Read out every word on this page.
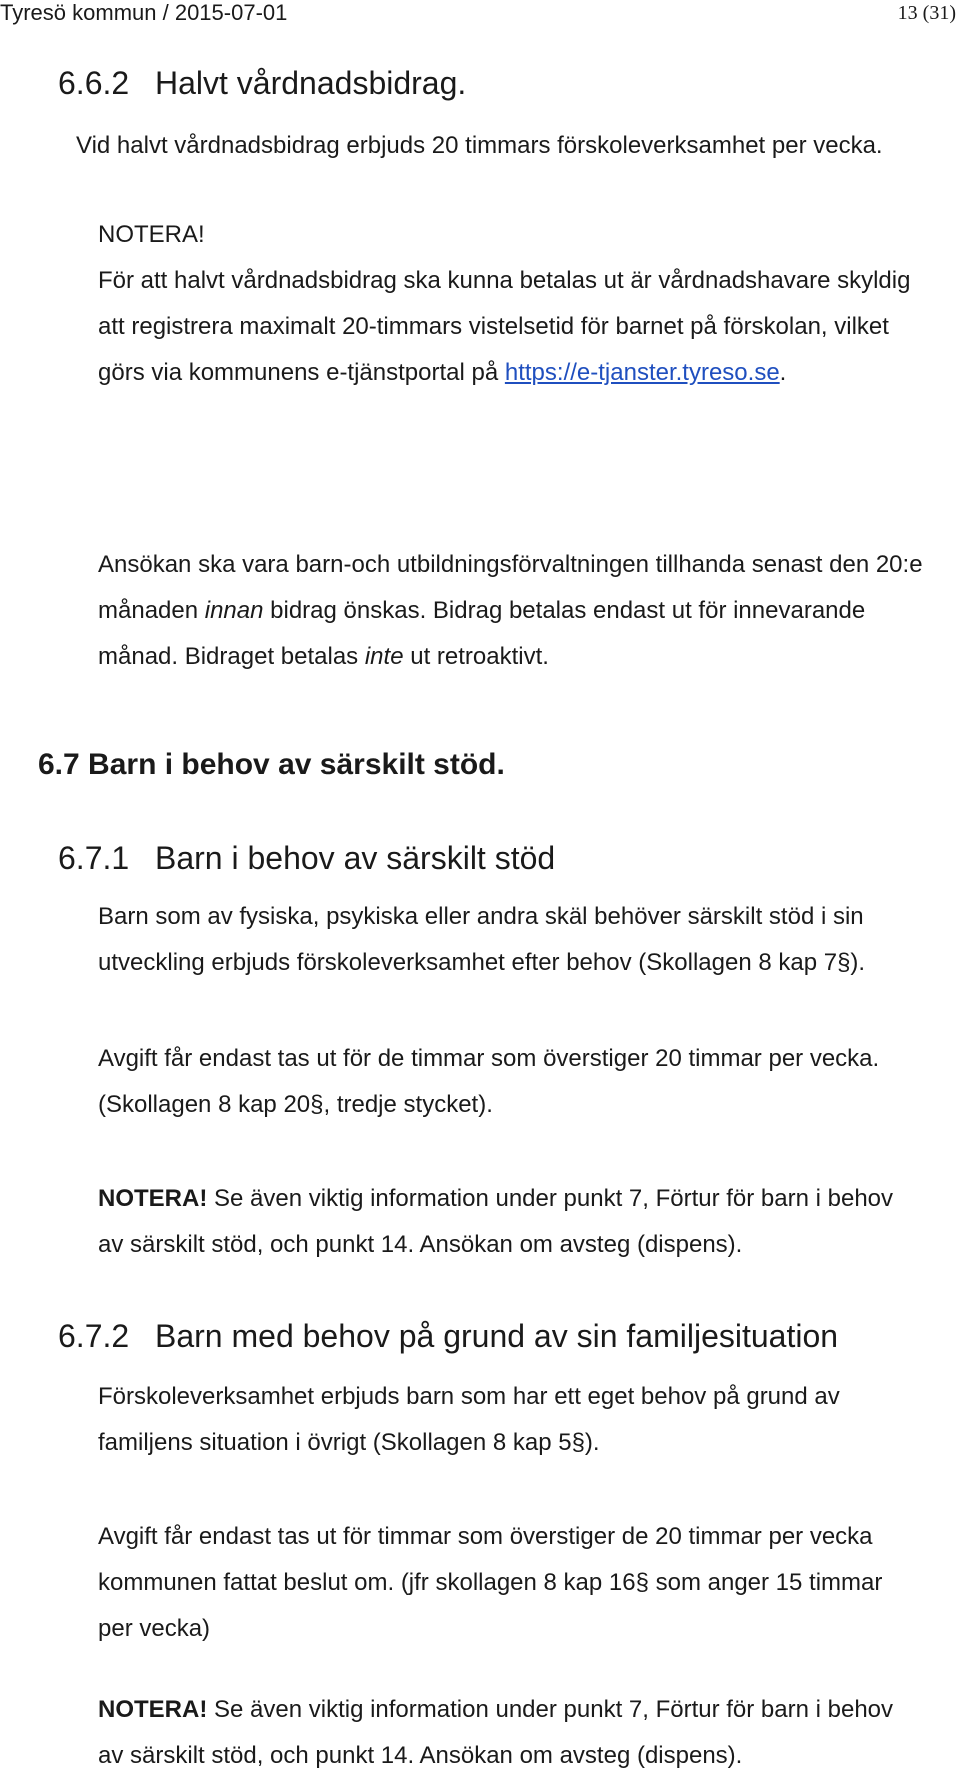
Tyresö kommun / 2015-07-01	13 (31)
6.6.2 Halvt vårdnadsbidrag.

Vid halvt vårdnadsbidrag erbjuds 20 timmars förskoleverksamhet per vecka.

NOTERA!
För att halvt vårdnadsbidrag ska kunna betalas ut är vårdnadshavare skyldig att registrera maximalt 20-timmars vistelsetid för barnet på förskolan, vilket görs via kommunens e-tjänstportal på https://e-tjanster.tyreso.se.

Ansökan ska vara barn-och utbildningsförvaltningen tillhanda senast den 20:e månaden innan bidrag önskas. Bidrag betalas endast ut för innevarande månad. Bidraget betalas inte ut retroaktivt.

6.7 Barn i behov av särskilt stöd.
6.7.1 Barn i behov av särskilt stöd

Barn som av fysiska, psykiska eller andra skäl behöver särskilt stöd i sin utveckling erbjuds förskoleverksamhet efter behov (Skollagen 8 kap 7§).

Avgift får endast tas ut för de timmar som överstiger 20 timmar per vecka. (Skollagen 8 kap 20§, tredje stycket).

NOTERA! Se även viktig information under punkt 7, Förtur för barn i behov av särskilt stöd, och punkt 14. Ansökan om avsteg (dispens).

6.7.2 Barn med behov på grund av sin familjesituation

Förskoleverksamhet erbjuds barn som har ett eget behov på grund av familjens situation i övrigt (Skollagen 8 kap 5§).

Avgift får endast tas ut för timmar som överstiger de 20 timmar per vecka kommunen fattat beslut om. (jfr skollagen 8 kap 16§ som anger 15 timmar per vecka)

NOTERA! Se även viktig information under punkt 7, Förtur för barn i behov av särskilt stöd, och punkt 14. Ansökan om avsteg (dispens).
